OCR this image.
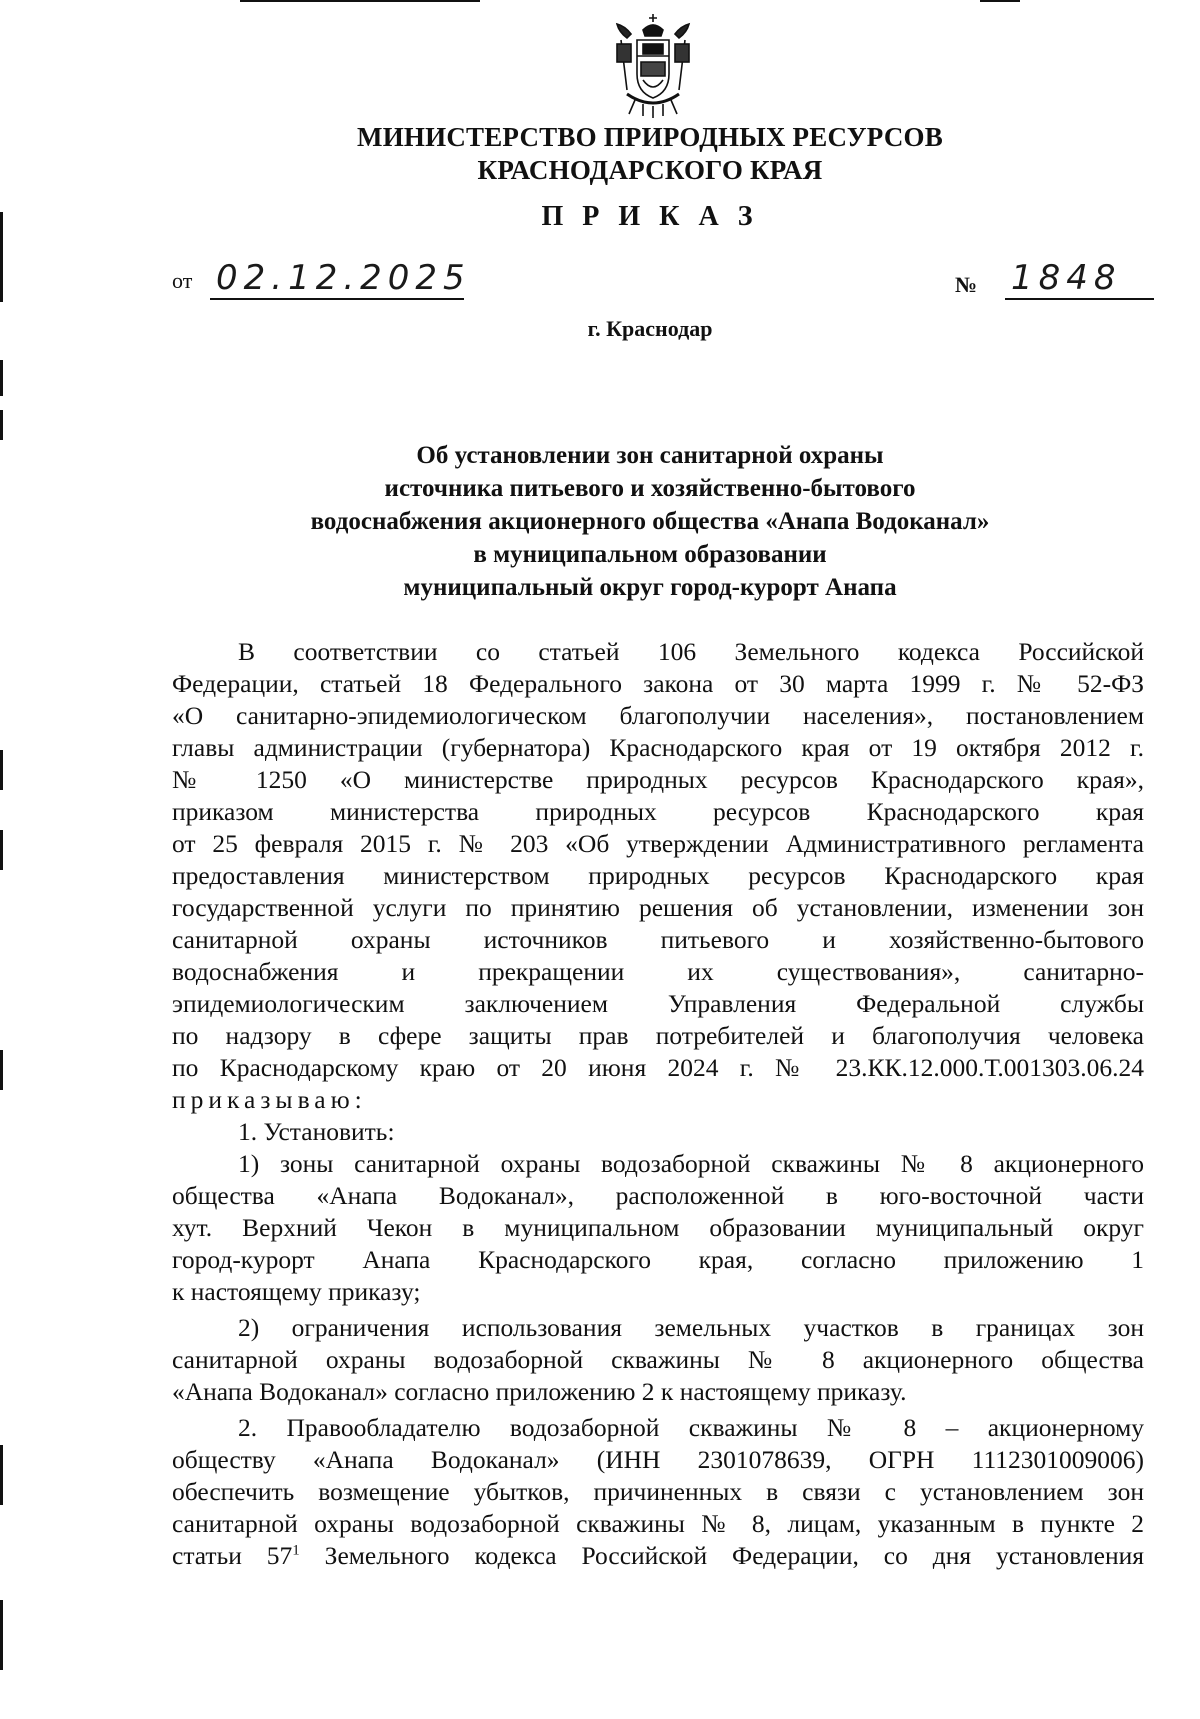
МИНИСТЕРСТВО ПРИРОДНЫХ РЕСУРСОВ
КРАСНОДАРСКОГО КРАЯ
П Р И К А З
от 02.12.2025	№ 1848
г. Краснодар
Об установлении зон санитарной охраны
источника питьевого и хозяйственно-бытового
водоснабжения акционерного общества «Анапа Водоканал»
в муниципальном образовании
муниципальный округ город-курорт Анапа
В соответствии со статьей 106 Земельного кодекса Российской
Федерации, статьей 18 Федерального закона от 30 марта 1999 г. № 52-ФЗ
«О санитарно-эпидемиологическом благополучии населения», постановлением
главы администрации (губернатора) Краснодарского края от 19 октября 2012 г.
№ 1250 «О министерстве природных ресурсов Краснодарского края»,
приказом министерства природных ресурсов Краснодарского края
от 25 февраля 2015 г. № 203 «Об утверждении Административного регламента
предоставления министерством природных ресурсов Краснодарского края
государственной услуги по принятию решения об установлении, изменении зон
санитарной охраны источников питьевого и хозяйственно-бытового
водоснабжения и прекращении их существования», санитарно-
эпидемиологическим заключением Управления Федеральной службы
по надзору в сфере защиты прав потребителей и благополучия человека
по Краснодарскому краю от 20 июня 2024 г. № 23.КК.12.000.Т.001303.06.24
приказываю:
1. Установить:
1) зоны санитарной охраны водозаборной скважины № 8 акционерного
общества «Анапа Водоканал», расположенной в юго-восточной части
хут. Верхний Чекон в муниципальном образовании муниципальный округ
город-курорт Анапа Краснодарского края, согласно приложению 1
к настоящему приказу;
2) ограничения использования земельных участков в границах зон
санитарной охраны водозаборной скважины № 8 акционерного общества
«Анапа Водоканал» согласно приложению 2 к настоящему приказу.
2. Правообладателю водозаборной скважины № 8 – акционерному
обществу «Анапа Водоканал» (ИНН 2301078639, ОГРН 1112301009006)
обеспечить возмещение убытков, причиненных в связи с установлением зон
санитарной охраны водозаборной скважины № 8, лицам, указанным в пункте 2
статьи $57^1$ Земельного кодекса Российской Федерации, со дня установления
